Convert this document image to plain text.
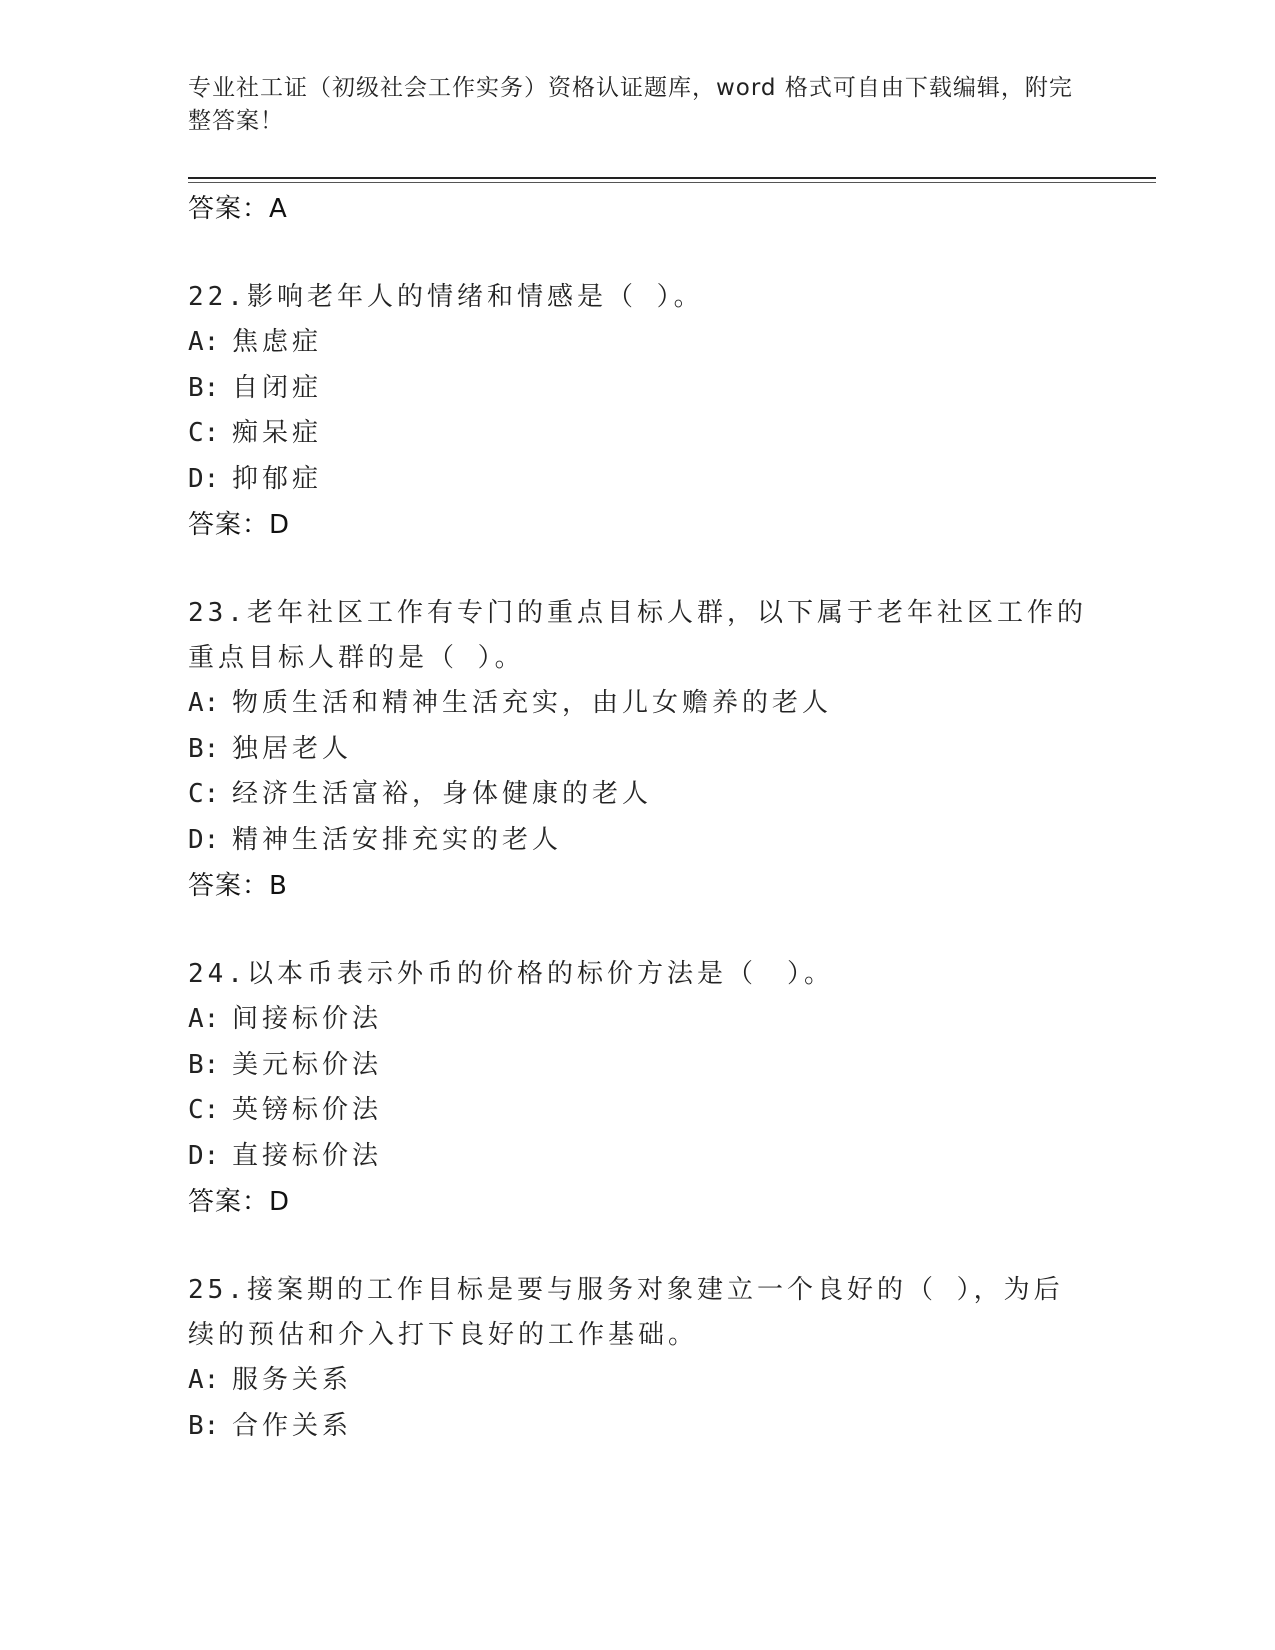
专业社工证（初级社会工作实务）资格认证题库，word 格式可自由下载编辑，附完整答案！
答案：A
22.影响老年人的情绪和情感是（ ）。
A: 焦虑症
B: 自闭症
C: 痴呆症
D: 抑郁症
答案：D
23.老年社区工作有专门的重点目标人群，以下属于老年社区工作的重点目标人群的是（ ）。
A: 物质生活和精神生活充实，由儿女赡养的老人
B: 独居老人
C: 经济生活富裕，身体健康的老人
D: 精神生活安排充实的老人
答案：B
24.以本币表示外币的价格的标价方法是（　）。
A: 间接标价法
B: 美元标价法
C: 英镑标价法
D: 直接标价法
答案：D
25.接案期的工作目标是要与服务对象建立一个良好的（ ），为后续的预估和介入打下良好的工作基础。
A: 服务关系
B: 合作关系
